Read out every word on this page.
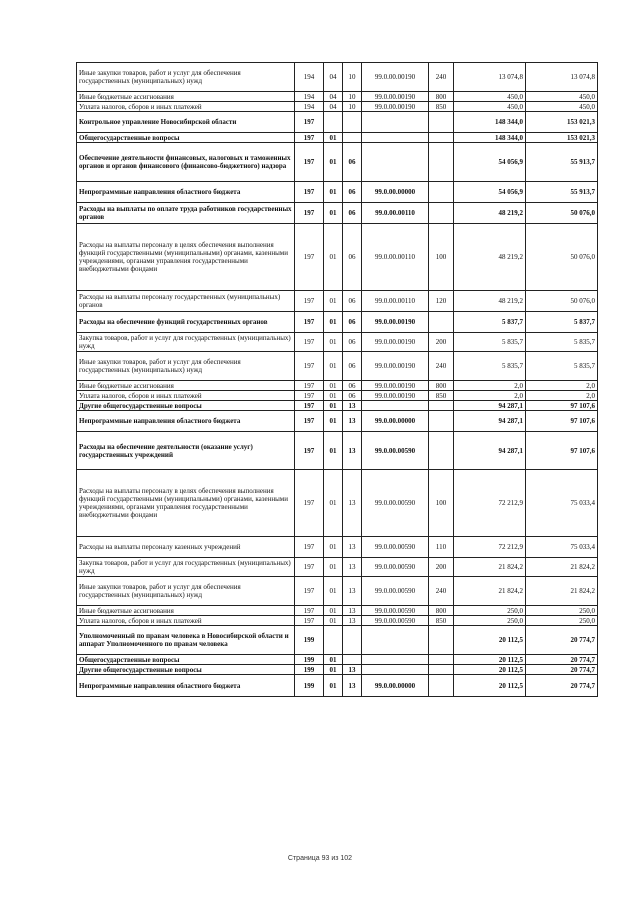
Иные закупки товаров, работ и услуг для обеспечения государственных (муниципальных) нужд	194	04	10	99.0.00.00190	240	13 074,8	13 074,8
Иные бюджетные ассигнования	194	04	10	99.0.00.00190	800	450,0	450,0
Уплата налогов, сборов и иных платежей	194	04	10	99.0.00.00190	850	450,0	450,0
Контрольное управление Новосибирской области	197					148 344,0	153 021,3
Общегосударственные вопросы	197	01				148 344,0	153 021,3
Обеспечение деятельности финансовых, налоговых и таможенных органов и органов финансового (финансово-бюджетного) надзора	197	01	06			54 056,9	55 913,7
Непрограммные направления областного бюджета	197	01	06	99.0.00.00000		54 056,9	55 913,7
Расходы на выплаты по оплате труда работников государственных органов	197	01	06	99.0.00.00110		48 219,2	50 076,0
Расходы на выплаты персоналу в целях обеспечения выполнения функций государственными (муниципальными) органами, казенными учреждениями, органами управления государственными внебюджетными фондами	197	01	06	99.0.00.00110	100	48 219,2	50 076,0
Расходы на выплаты персоналу государственных (муниципальных) органов	197	01	06	99.0.00.00110	120	48 219,2	50 076,0
Расходы на обеспечение функций государственных органов	197	01	06	99.0.00.00190		5 837,7	5 837,7
Закупка товаров, работ и услуг для государственных (муниципальных) нужд	197	01	06	99.0.00.00190	200	5 835,7	5 835,7
Иные закупки товаров, работ и услуг для обеспечения государственных (муниципальных) нужд	197	01	06	99.0.00.00190	240	5 835,7	5 835,7
Иные бюджетные ассигнования	197	01	06	99.0.00.00190	800	2,0	2,0
Уплата налогов, сборов и иных платежей	197	01	06	99.0.00.00190	850	2,0	2,0
Другие общегосударственные вопросы	197	01	13			94 287,1	97 107,6
Непрограммные направления областного бюджета	197	01	13	99.0.00.00000		94 287,1	97 107,6
Расходы на обеспечение деятельности (оказание услуг) государственных учреждений	197	01	13	99.0.00.00590		94 287,1	97 107,6
Расходы на выплаты персоналу в целях обеспечения выполнения функций государственными (муниципальными) органами, казенными учреждениями, органами управления государственными внебюджетными фондами	197	01	13	99.0.00.00590	100	72 212,9	75 033,4
Расходы на выплаты персоналу казенных учреждений	197	01	13	99.0.00.00590	110	72 212,9	75 033,4
Закупка товаров, работ и услуг для государственных (муниципальных) нужд	197	01	13	99.0.00.00590	200	21 824,2	21 824,2
Иные закупки товаров, работ и услуг для обеспечения государственных (муниципальных) нужд	197	01	13	99.0.00.00590	240	21 824,2	21 824,2
Иные бюджетные ассигнования	197	01	13	99.0.00.00590	800	250,0	250,0
Уплата налогов, сборов и иных платежей	197	01	13	99.0.00.00590	850	250,0	250,0
Уполномоченный по правам человека в Новосибирской области и аппарат Уполномоченного по правам человека	199					20 112,5	20 774,7
Общегосударственные вопросы	199	01				20 112,5	20 774,7
Другие общегосударственные вопросы	199	01	13			20 112,5	20 774,7
Непрограммные направления областного бюджета	199	01	13	99.0.00.00000		20 112,5	20 774,7
Страница 93 из 102
